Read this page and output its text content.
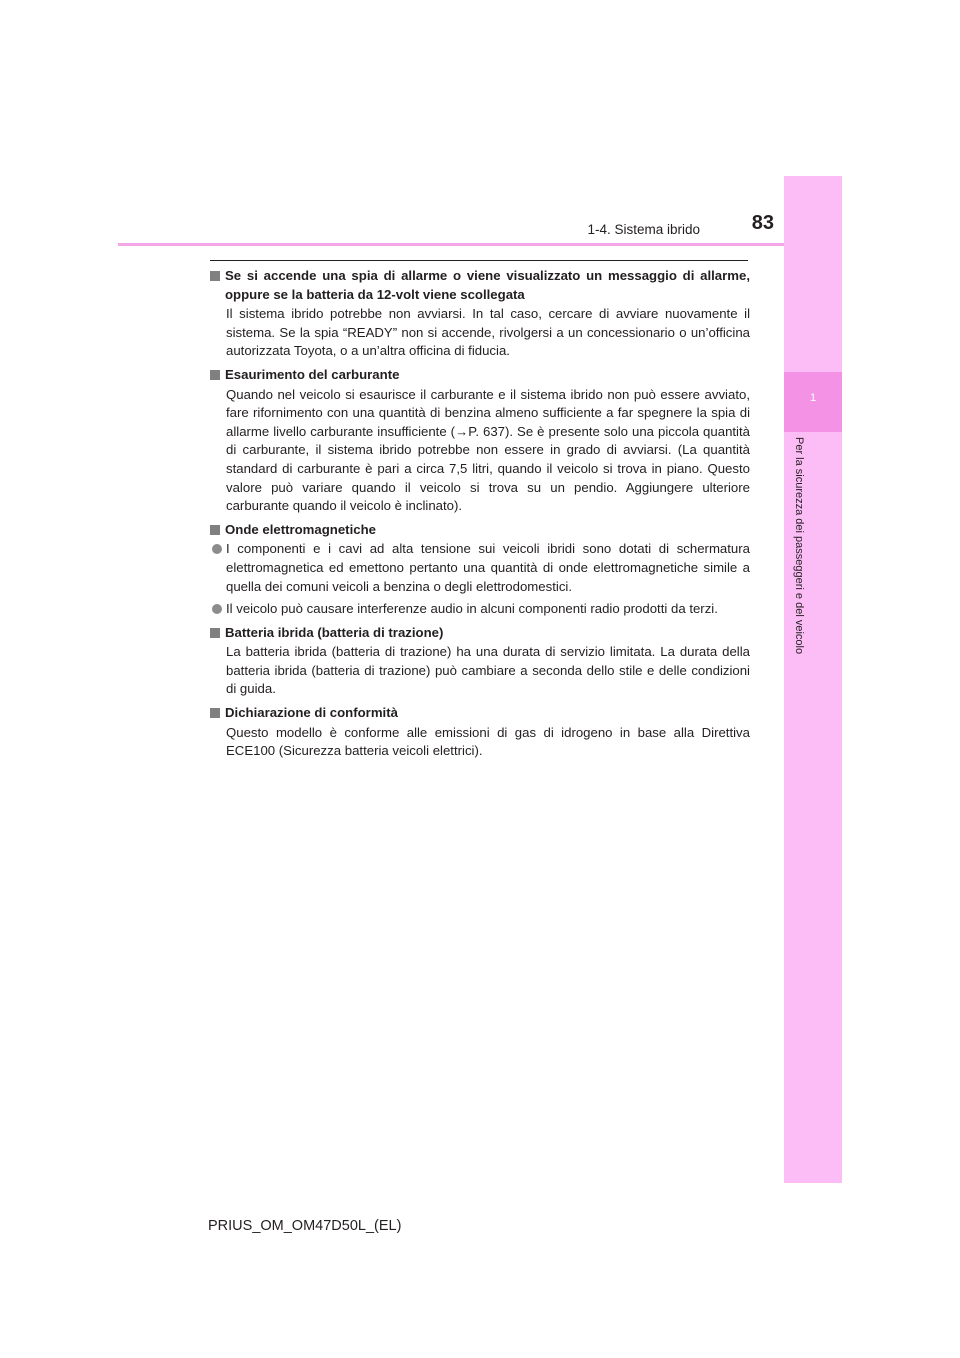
1-4. Sistema ibrido	83
1
Per la sicurezza dei passeggeri e del veicolo
Se si accende una spia di allarme o viene visualizzato un messaggio di allarme, oppure se la batteria da 12-volt viene scollegata
Il sistema ibrido potrebbe non avviarsi. In tal caso, cercare di avviare nuovamente il sistema. Se la spia “READY” non si accende, rivolgersi a un concessionario o un’officina autorizzata Toyota, o a un’altra officina di fiducia.
Esaurimento del carburante
Quando nel veicolo si esaurisce il carburante e il sistema ibrido non può essere avviato, fare rifornimento con una quantità di benzina almeno sufficiente a far spegnere la spia di allarme livello carburante insufficiente (→P. 637). Se è presente solo una piccola quantità di carburante, il sistema ibrido potrebbe non essere in grado di avviarsi. (La quantità standard di carburante è pari a circa 7,5 litri, quando il veicolo si trova in piano. Questo valore può variare quando il veicolo si trova su un pendio. Aggiungere ulteriore carburante quando il veicolo è inclinato).
Onde elettromagnetiche
I componenti e i cavi ad alta tensione sui veicoli ibridi sono dotati di schermatura elettromagnetica ed emettono pertanto una quantità di onde elettromagnetiche simile a quella dei comuni veicoli a benzina o degli elettrodomestici.
Il veicolo può causare interferenze audio in alcuni componenti radio prodotti da terzi.
Batteria ibrida (batteria di trazione)
La batteria ibrida (batteria di trazione) ha una durata di servizio limitata. La durata della batteria ibrida (batteria di trazione) può cambiare a seconda dello stile e delle condizioni di guida.
Dichiarazione di conformità
Questo modello è conforme alle emissioni di gas di idrogeno in base alla Direttiva ECE100 (Sicurezza batteria veicoli elettrici).
PRIUS_OM_OM47D50L_(EL)
